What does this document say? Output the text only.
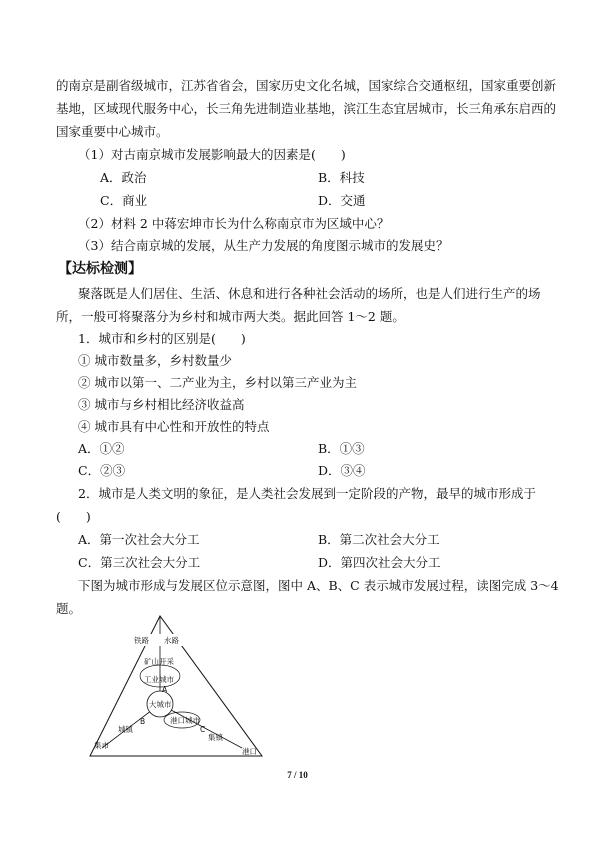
的南京是副省级城市，江苏省省会，国家历史文化名城，国家综合交通枢纽，国家重要创新
基地，区域现代服务中心，长三角先进制造业基地，滨江生态宜居城市，长三角承东启西的
国家重要中心城市。
（1）对古南京城市发展影响最大的因素是(　　)
A．政治	B．科技
C．商业	D．交通
（2）材料 2 中蒋宏坤市长为什么称南京市为区域中心？
（3）结合南京城的发展，从生产力发展的角度图示城市的发展史？
【达标检测】
聚落既是人们居住、生活、休息和进行各种社会活动的场所，也是人们进行生产的场
所，一般可将聚落分为乡村和城市两大类。据此回答 1～2 题。
1．城市和乡村的区别是(　　)
① 城市数量多，乡村数量少
② 城市以第一、二产业为主，乡村以第三产业为主
③ 城市与乡村相比经济收益高
④ 城市具有中心性和开放性的特点
A．①②	B．①③
C．②③	D．③④
2．城市是人类文明的象征，是人类社会发展到一定阶段的产物，最早的城市形成于
(　　)
A．第一次社会大分工	B．第二次社会大分工
C．第三次社会大分工	D．第四次社会大分工
下图为城市形成与发展区位示意图，图中 A、B、C 表示城市发展过程，读图完成 3～4
题。
铁路 水路
矿山开采
工业城市
大城市
港口城市
集市
港口
城镇
集镇
A
B
C
7 / 10
